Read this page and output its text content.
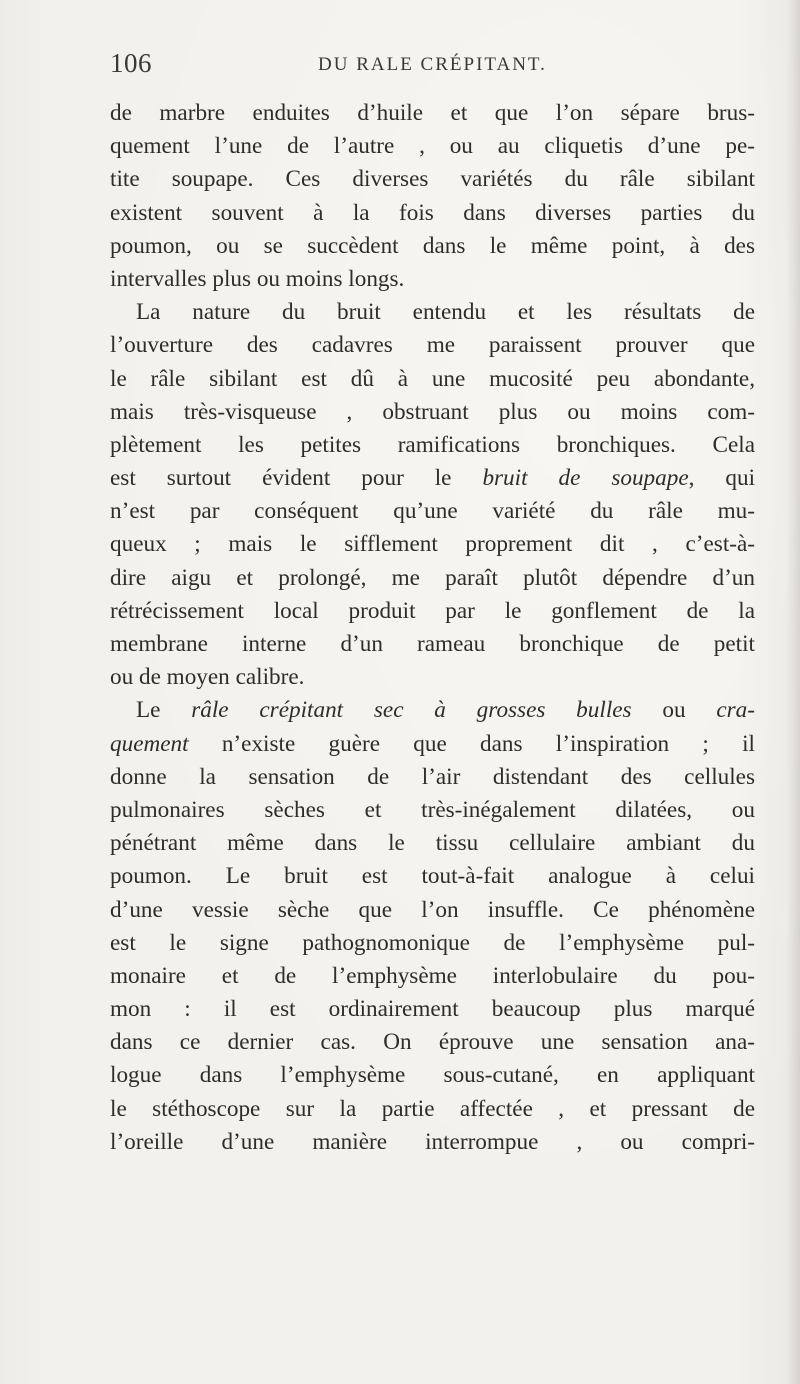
106	DU RALE CRÉPITANT.
de marbre enduites d’huile et que l’on sépare brus-
quement l’une de l’autre , ou au cliquetis d’une pe-
tite soupape. Ces diverses variétés du râle sibilant
existent souvent à la fois dans diverses parties du
poumon, ou se succèdent dans le même point, à des
intervalles plus ou moins longs.
La nature du bruit entendu et les résultats de
l’ouverture des cadavres me paraissent prouver que
le râle sibilant est dû à une mucosité peu abondante,
mais très-visqueuse , obstruant plus ou moins com-
plètement les petites ramifications bronchiques. Cela
est surtout évident pour le bruit de soupape, qui
n’est par conséquent qu’une variété du râle mu-
queux ; mais le sifflement proprement dit , c’est-à-
dire aigu et prolongé, me paraît plutôt dépendre d’un
rétrécissement local produit par le gonflement de la
membrane interne d’un rameau bronchique de petit
ou de moyen calibre.
Le râle crépitant sec à grosses bulles ou cra-
quement n’existe guère que dans l’inspiration ; il
donne la sensation de l’air distendant des cellules
pulmonaires sèches et très-inégalement dilatées, ou
pénétrant même dans le tissu cellulaire ambiant du
poumon. Le bruit est tout-à-fait analogue à celui
d’une vessie sèche que l’on insuffle. Ce phénomène
est le signe pathognomonique de l’emphysème pul-
monaire et de l’emphysème interlobulaire du pou-
mon : il est ordinairement beaucoup plus marqué
dans ce dernier cas. On éprouve une sensation ana-
logue dans l’emphysème sous-cutané, en appliquant
le stéthoscope sur la partie affectée , et pressant de
l’oreille d’une manière interrompue , ou compri-
